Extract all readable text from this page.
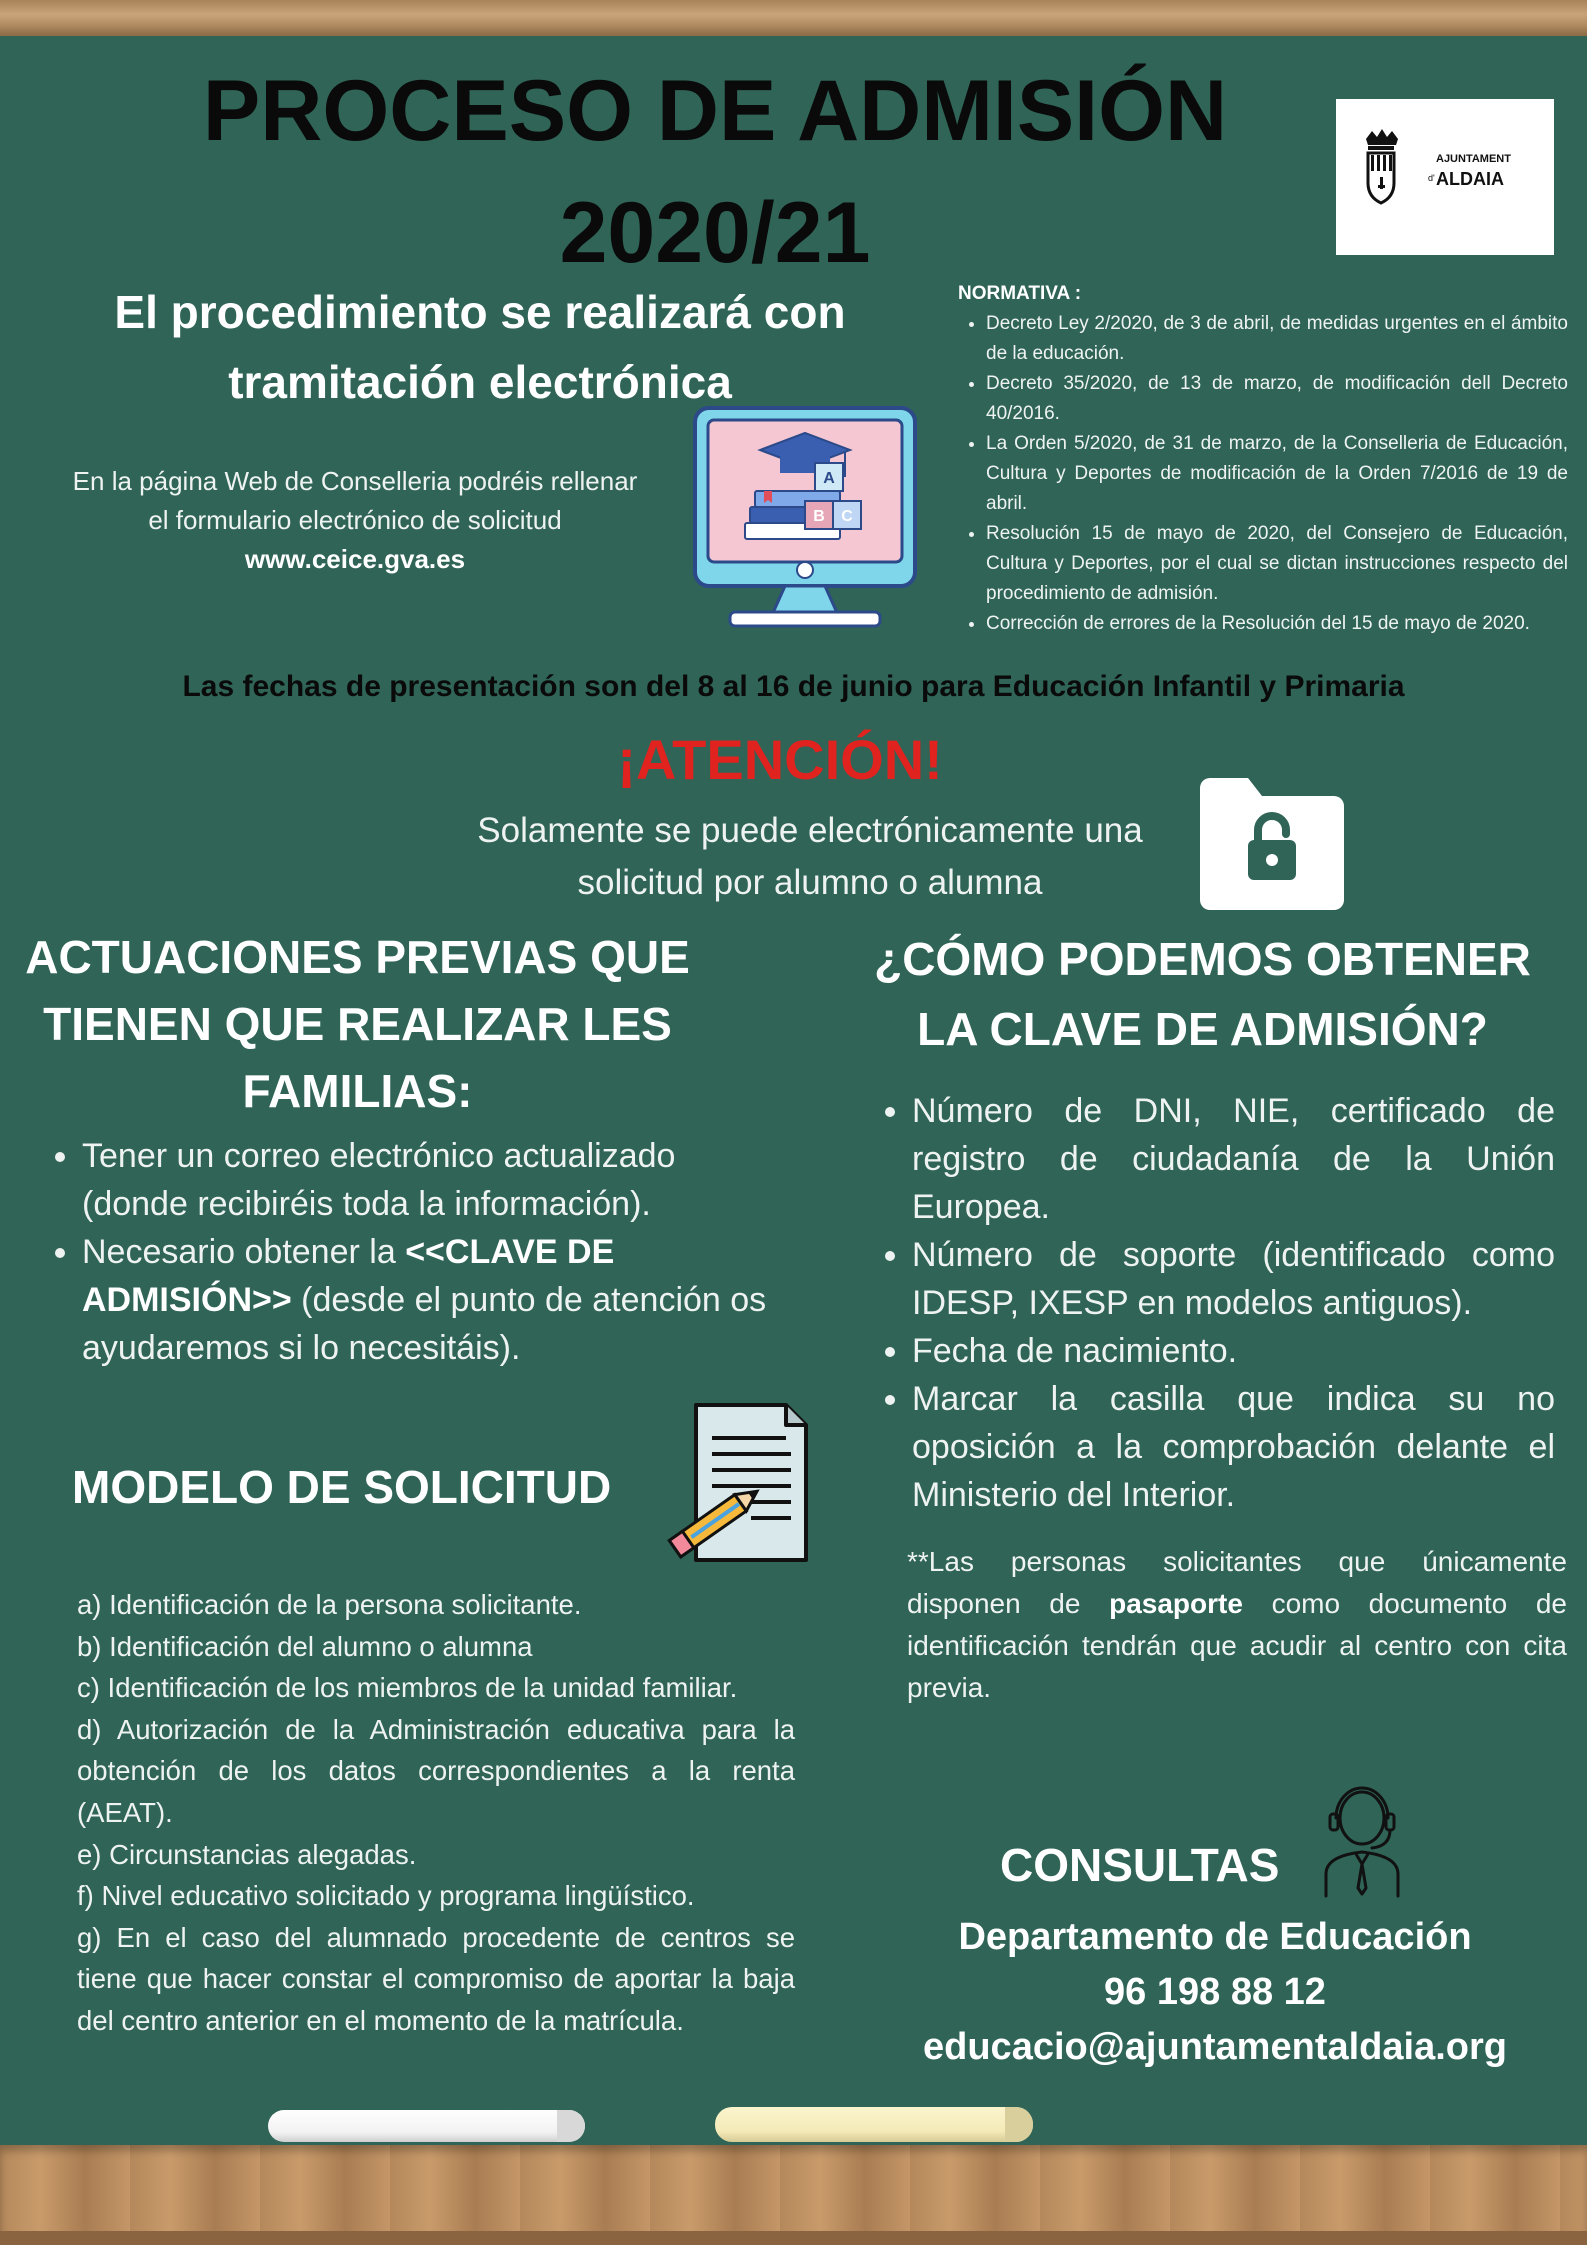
PROCESO DE ADMISIÓN 2020/21
AJUNTAMENT
d' ALDAIA
El procedimiento se realizará con tramitación electrónica
En la página Web de Conselleria podréis rellenar el formulario electrónico de solicitud
www.ceice.gva.es
A
B C
NORMATIVA :
• Decreto Ley 2/2020, de 3 de abril, de medidas urgentes en el ámbito de la educación.
• Decreto 35/2020, de 13 de marzo, de modificación dell Decreto 40/2016.
• La Orden 5/2020, de 31 de marzo, de la Conselleria de Educación, Cultura y Deportes de modificación de la Orden 7/2016 de 19 de abril.
• Resolución 15 de mayo de 2020, del Consejero de Educación, Cultura y Deportes, por el cual se dictan instrucciones respecto del procedimiento de admisión.
• Corrección de errores de la Resolución del 15 de mayo de 2020.
Las fechas de presentación son del 8 al 16 de junio para Educación Infantil y Primaria
¡ATENCIÓN!
Solamente se puede electrónicamente una solicitud por alumno o alumna
ACTUACIONES PREVIAS QUE TIENEN QUE REALIZAR LES FAMILIAS:
• Tener un correo electrónico actualizado (donde recibiréis toda la información).
• Necesario obtener la <<CLAVE DE ADMISIÓN>> (desde el punto de atención os ayudaremos si lo necesitáis).
MODELO DE SOLICITUD
a) Identificación de la persona solicitante.
b) Identificación del alumno o alumna
c) Identificación de los miembros de la unidad familiar.
d) Autorización de la Administración educativa para la obtención de los datos correspondientes a la renta (AEAT).
e) Circunstancias alegadas.
f) Nivel educativo solicitado y programa lingüístico.
g) En el caso del alumnado procedente de centros se tiene que hacer constar el compromiso de aportar la baja del centro anterior en el momento de la matrícula.
¿CÓMO PODEMOS OBTENER LA CLAVE DE ADMISIÓN?
• Número de DNI, NIE, certificado de registro de ciudadanía de la Unión Europea.
• Número de soporte (identificado como IDESP, IXESP en modelos antiguos).
• Fecha de nacimiento.
• Marcar la casilla que indica su no oposición a la comprobación delante el Ministerio del Interior.
**Las personas solicitantes que únicamente disponen de pasaporte como documento de identificación tendrán que acudir al centro con cita previa.
CONSULTAS
Departamento de Educación
96 198 88 12
educacio@ajuntamentaldaia.org
